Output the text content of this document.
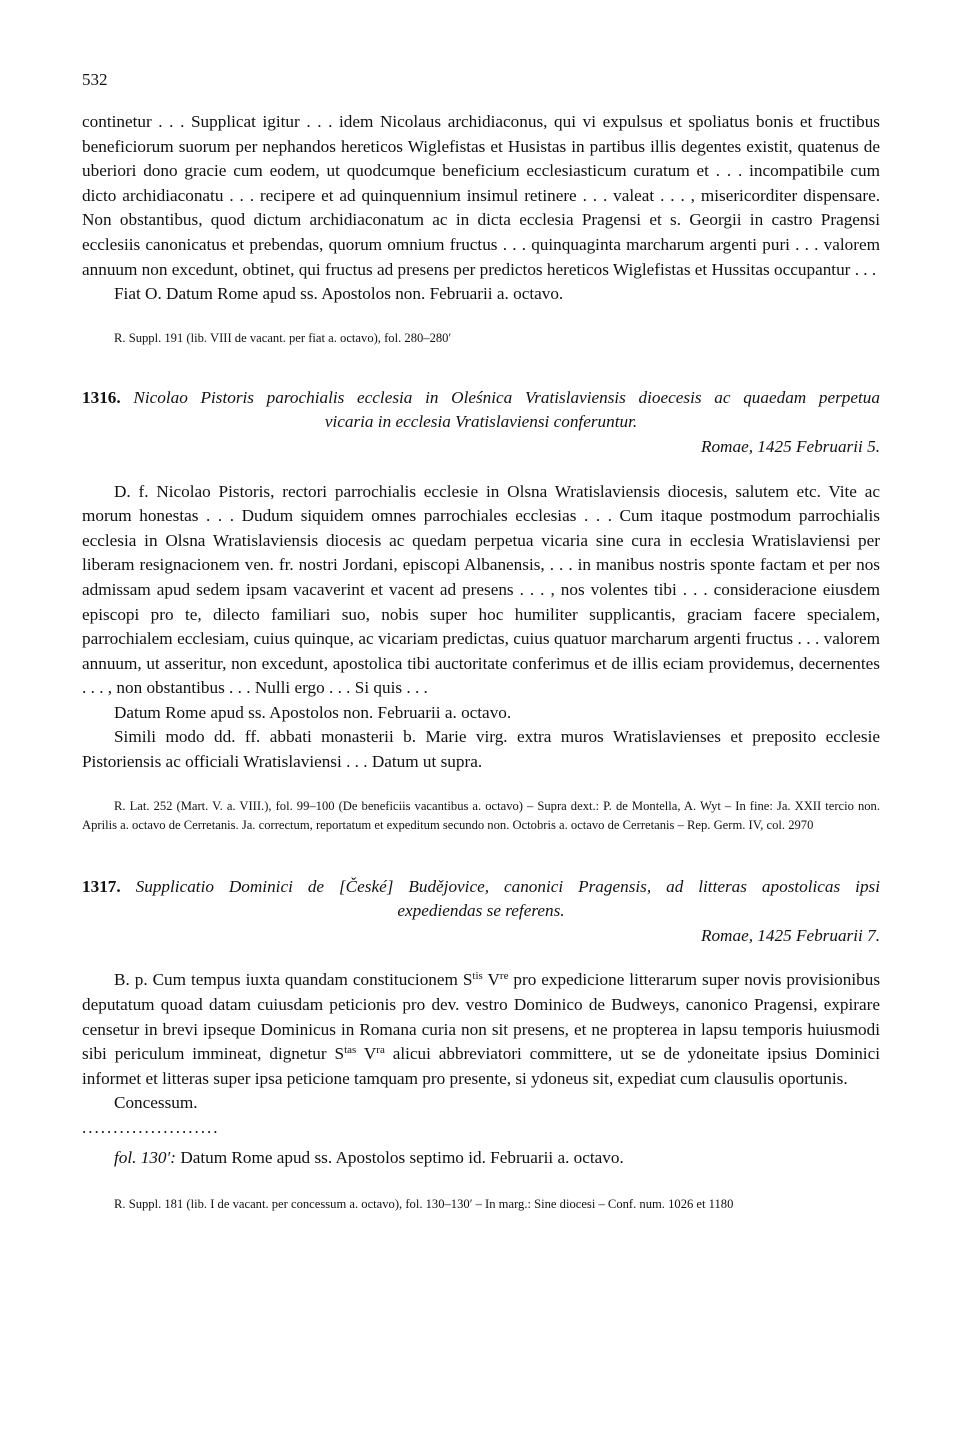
532

continetur . . . Supplicat igitur . . . idem Nicolaus archidiaconus, qui vi expulsus et spoliatus bonis et fructibus beneficiorum suorum per nephandos hereticos Wiglefistas et Husistas in partibus illis degentes existit, quatenus de uberiori dono gracie cum eodem, ut quodcumque beneficium ecclesiasticum curatum et . . . incompatibile cum dicto archidiaconatu . . . recipere et ad quinquennium insimul retinere . . . valeat . . . , misericorditer dispensare. Non obstantibus, quod dictum archidiaconatum ac in dicta ecclesia Pragensi et s. Georgii in castro Pragensi ecclesiis canonicatus et prebendas, quorum omnium fructus . . . quinquaginta marcharum argenti puri . . . valorem annuum non excedunt, obtinet, qui fructus ad presens per predictos hereticos Wiglefistas et Hussitas occupantur . . .

Fiat O. Datum Rome apud ss. Apostolos non. Februarii a. octavo.

R. Suppl. 191 (lib. VIII de vacant. per fiat a. octavo), fol. 280–280′

1316. Nicolao Pistoris parochialis ecclesia in Oleśnica Vratislaviensis dioecesis ac quaedam perpetua
vicaria in ecclesia Vratislaviensi conferuntur.
Romae, 1425 Februarii 5.

D. f. Nicolao Pistoris, rectori parrochialis ecclesie in Olsna Wratislaviensis diocesis, salutem etc. Vite ac morum honestas . . . Dudum siquidem omnes parrochiales ecclesias . . . Cum itaque postmodum parrochialis ecclesia in Olsna Wratislaviensis diocesis ac quedam perpetua vicaria sine cura in ecclesia Wratislaviensi per liberam resignacionem ven. fr. nostri Jordani, episcopi Albanensis, . . . in manibus nostris sponte factam et per nos admissam apud sedem ipsam vacaverint et vacent ad presens . . . , nos volentes tibi . . . consideracione eiusdem episcopi pro te, dilecto familiari suo, nobis super hoc humiliter supplicantis, graciam facere specialem, parrochialem ecclesiam, cuius quinque, ac vicariam predictas, cuius quatuor marcharum argenti fructus . . . valorem annuum, ut asseritur, non excedunt, apostolica tibi auctoritate conferimus et de illis eciam providemus, decernentes . . . , non obstantibus . . . Nulli ergo . . . Si quis . . .

Datum Rome apud ss. Apostolos non. Februarii a. octavo.

Simili modo dd. ff. abbati monasterii b. Marie virg. extra muros Wratislavienses et preposito ecclesie Pistoriensis ac officiali Wratislaviensi . . . Datum ut supra.

R. Lat. 252 (Mart. V. a. VIII.), fol. 99–100 (De beneficiis vacantibus a. octavo) – Supra dext.: P. de Montella, A. Wyt – In fine: Ja. XXII tercio non. Aprilis a. octavo de Cerretanis. Ja. correctum, reportatum et expeditum secundo non. Octobris a. octavo de Cerretanis – Rep. Germ. IV, col. 2970

1317. Supplicatio Dominici de [České] Budějovice, canonici Pragensis, ad litteras apostolicas ipsi
expediendas se referens.
Romae, 1425 Februarii 7.

B. p. Cum tempus iuxta quandam constitucionem $S^{tis}$ Vre pro expedicione litterarum super novis provisionibus deputatum quoad datam cuiusdam peticionis pro dev. vestro Dominico de Budweys, canonico Pragensi, expirare censetur in brevi ipseque Dominicus in Romana curia non sit presens, et ne propterea in lapsu temporis huiusmodi sibi periculum immineat, dignetur $S^{tas}$ $V^{ra}$ alicui abbreviatori committere, ut se de ydoneitate ipsius Dominici informet et litteras super ipsa peticione tamquam pro presente, si ydoneus sit, expediat cum clausulis oportunis.

Concessum.

......................

fol. 130′: Datum Rome apud ss. Apostolos septimo id. Februarii a. octavo.

R. Suppl. 181 (lib. I de vacant. per concessum a. octavo), fol. 130–130′ – In marg.: Sine diocesi – Conf. num. 1026 et 1180
